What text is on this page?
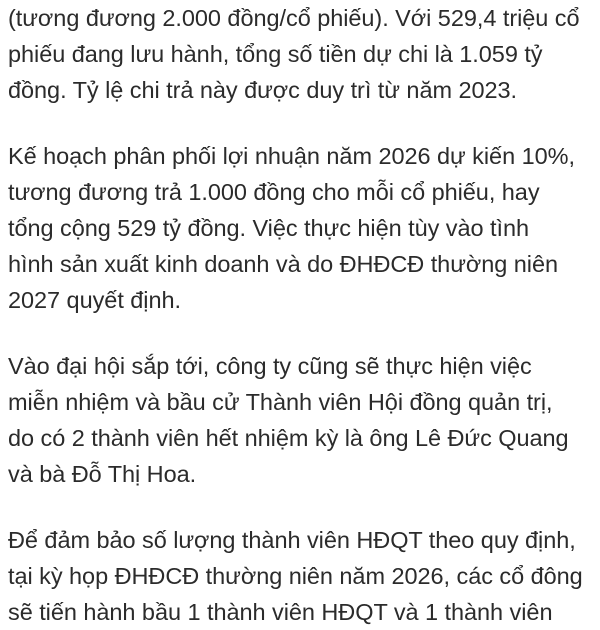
(tương đương 2.000 đồng/cổ phiếu). Với 529,4 triệu cổ
phiếu đang lưu hành, tổng số tiền dự chi là 1.059 tỷ
đồng. Tỷ lệ chi trả này được duy trì từ năm 2023.

Kế hoạch phân phối lợi nhuận năm 2026 dự kiến 10%,
tương đương trả 1.000 đồng cho mỗi cổ phiếu, hay
tổng cộng 529 tỷ đồng. Việc thực hiện tùy vào tình
hình sản xuất kinh doanh và do ĐHĐCĐ thường niên
2027 quyết định.

Vào đại hội sắp tới, công ty cũng sẽ thực hiện việc
miễn nhiệm và bầu cử Thành viên Hội đồng quản trị,
do có 2 thành viên hết nhiệm kỳ là ông Lê Đức Quang
và bà Đỗ Thị Hoa.

Để đảm bảo số lượng thành viên HĐQT theo quy định,
tại kỳ họp ĐHĐCĐ thường niên năm 2026, các cổ đông
sẽ tiến hành bầu 1 thành viên HĐQT và 1 thành viên
